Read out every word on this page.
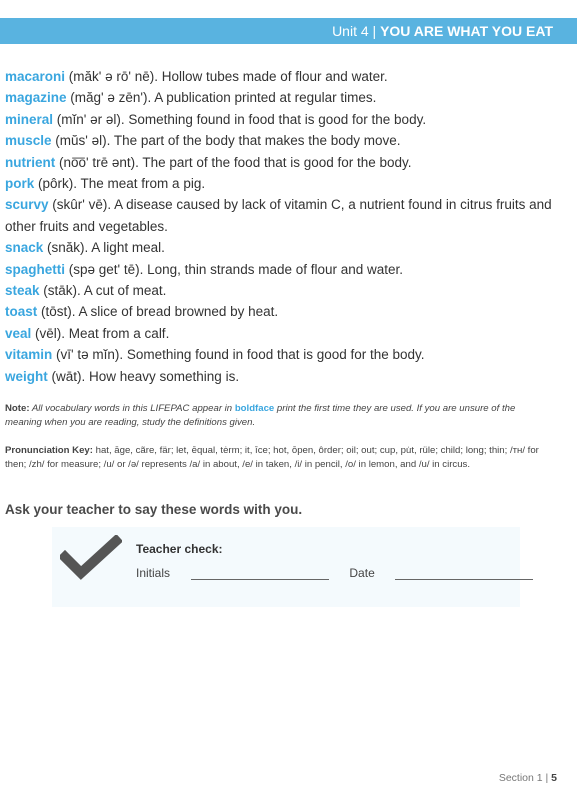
Unit 4 | YOU ARE WHAT YOU EAT
macaroni (măk' ə rō' nē). Hollow tubes made of flour and water.
magazine (măg' ə zēn'). A publication printed at regular times.
mineral (mĭn' ər əl). Something found in food that is good for the body.
muscle (mŭs' əl). The part of the body that makes the body move.
nutrient (no͞o' trē ənt). The part of the food that is good for the body.
pork (pôrk). The meat from a pig.
scurvy (skûr' vē). A disease caused by lack of vitamin C, a nutrient found in citrus fruits and other fruits and vegetables.
snack (snăk). A light meal.
spaghetti (spə get' tē). Long, thin strands made of flour and water.
steak (stāk). A cut of meat.
toast (tōst). A slice of bread browned by heat.
veal (vēl). Meat from a calf.
vitamin (vī' tə mĭn). Something found in food that is good for the body.
weight (wāt). How heavy something is.
Note: All vocabulary words in this LIFEPAC appear in boldface print the first time they are used. If you are unsure of the meaning when you are reading, study the definitions given.
Pronunciation Key: hat, āge, cãre, fär; let, ēqual, tėrm; it, īce; hot, ōpen, ôrder; oil; out; cup, pu̇t, rüle; child; long; thin; /ᴛʜ/ for then; /zh/ for measure; /u/ or /ə/ represents /a/ in about, /e/ in taken, /i/ in pencil, /o/ in lemon, and /u/ in circus.
Ask your teacher to say these words with you.
Teacher check:
Initials	Date
Section 1 | 5
